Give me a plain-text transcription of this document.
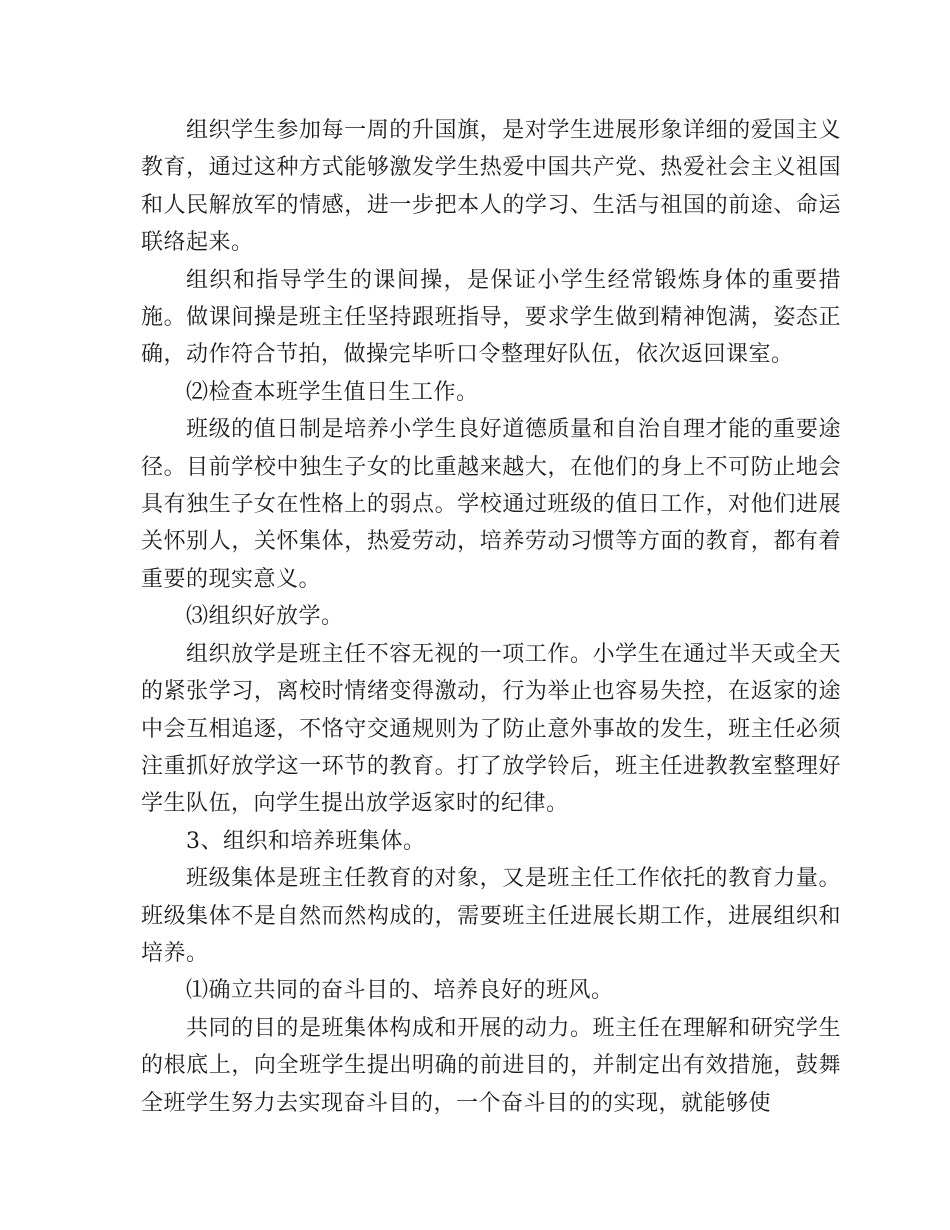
组织学生参加每一周的升国旗，是对学生进展形象详细的爱国主义教育，通过这种方式能够激发学生热爱中国共产党、热爱社会主义祖国和人民解放军的情感，进一步把本人的学习、生活与祖国的前途、命运联络起来。

组织和指导学生的课间操，是保证小学生经常锻炼身体的重要措施。做课间操是班主任坚持跟班指导，要求学生做到精神饱满，姿态正确，动作符合节拍，做操完毕听口令整理好队伍，依次返回课室。

⑵检查本班学生值日生工作。

班级的值日制是培养小学生良好道德质量和自治自理才能的重要途径。目前学校中独生子女的比重越来越大，在他们的身上不可防止地会具有独生子女在性格上的弱点。学校通过班级的值日工作，对他们进展关怀别人，关怀集体，热爱劳动，培养劳动习惯等方面的教育，都有着重要的现实意义。

⑶组织好放学。

组织放学是班主任不容无视的一项工作。小学生在通过半天或全天的紧张学习，离校时情绪变得激动，行为举止也容易失控，在返家的途中会互相追逐，不恪守交通规则为了防止意外事故的发生，班主任必须注重抓好放学这一环节的教育。打了放学铃后，班主任进教教室整理好学生队伍，向学生提出放学返家时的纪律。

3、组织和培养班集体。

班级集体是班主任教育的对象，又是班主任工作依托的教育力量。班级集体不是自然而然构成的，需要班主任进展长期工作，进展组织和培养。

⑴确立共同的奋斗目的、培养良好的班风。

共同的目的是班集体构成和开展的动力。班主任在理解和研究学生的根底上，向全班学生提出明确的前进目的，并制定出有效措施，鼓舞全班学生努力去实现奋斗目的，一个奋斗目的的实现，就能够使
